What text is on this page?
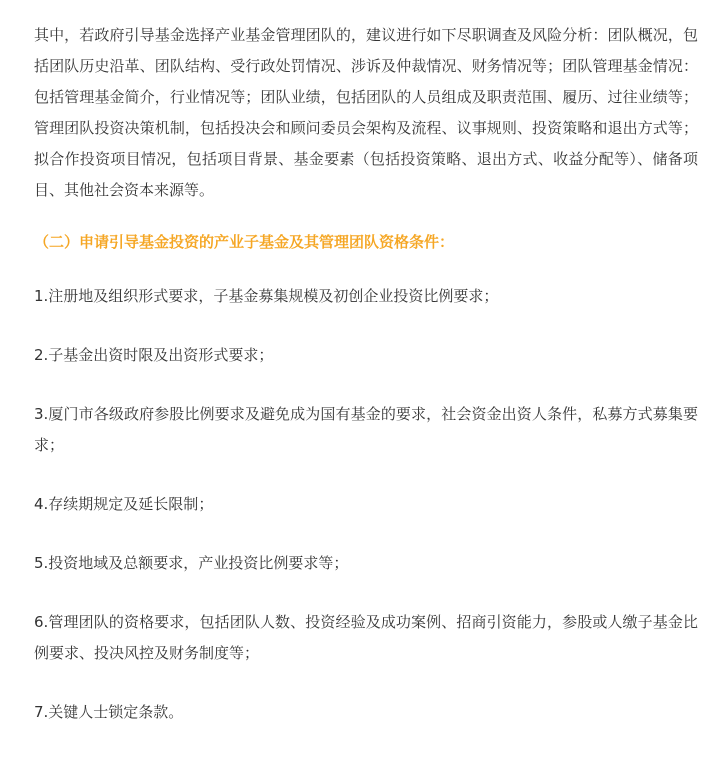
其中，若政府引导基金选择产业基金管理团队的，建议进行如下尽职调查及风险分析：团队概况，包括团队历史沿革、团队结构、受行政处罚情况、涉诉及仲裁情况、财务情况等；团队管理基金情况：包括管理基金简介，行业情况等；团队业绩，包括团队的人员组成及职责范围、履历、过往业绩等；管理团队投资决策机制，包括投决会和顾问委员会架构及流程、议事规则、投资策略和退出方式等；拟合作投资项目情况，包括项目背景、基金要素（包括投资策略、退出方式、收益分配等）、储备项目、其他社会资本来源等。

（二）申请引导基金投资的产业子基金及其管理团队资格条件：

1.注册地及组织形式要求，子基金募集规模及初创企业投资比例要求；

2.子基金出资时限及出资形式要求；

3.厦门市各级政府参股比例要求及避免成为国有基金的要求，社会资金出资人条件，私募方式募集要求；

4.存续期规定及延长限制；

5.投资地域及总额要求，产业投资比例要求等；

6.管理团队的资格要求，包括团队人数、投资经验及成功案例、招商引资能力，参股或人缴子基金比例要求、投决风控及财务制度等；

7.关键人士锁定条款。
